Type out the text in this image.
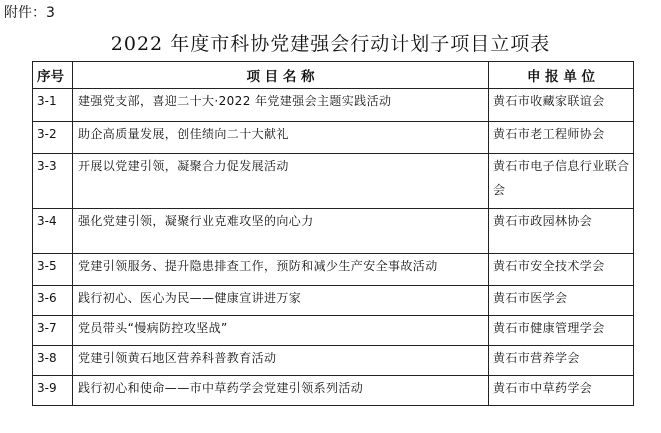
附件：3
2022 年度市科协党建强会行动计划子项目立项表
序号	项 目 名 称	申 报 单 位
3-1	建强党支部，喜迎二十大·2022 年党建强会主题实践活动	黄石市收藏家联谊会
3-2	助企高质量发展，创佳绩向二十大献礼	黄石市老工程师协会
3-3	开展以党建引领，凝聚合力促发展活动	黄石市电子信息行业联合会
3-4	强化党建引领，凝聚行业克难攻坚的向心力	黄石市政园林协会
3-5	党建引领服务、提升隐患排查工作，预防和减少生产安全事故活动	黄石市安全技术学会
3-6	践行初心、医心为民——健康宣讲进万家	黄石市医学会
3-7	党员带头“慢病防控攻坚战”	黄石市健康管理学会
3-8	党建引领黄石地区营养科普教育活动	黄石市营养学会
3-9	践行初心和使命——市中草药学会党建引领系列活动	黄石市中草药学会
